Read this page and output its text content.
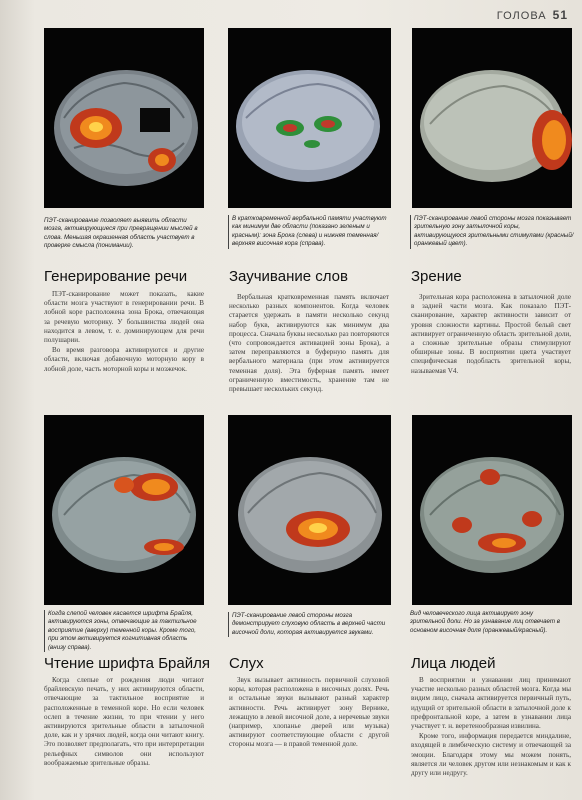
ГОЛОВА 51
ПЭТ-сканирование позволяет выявить области мозга, активирующиеся при превращении мыслей в слова. Меньшая окрашенная область участвует в проверке смысла (понимании).
В кратковременной вербальной памяти участвуют как минимум две области (показано зеленым и красным): зона Брока (слева) и нижняя теменная/верхняя височная кора (справа).
ПЭТ-сканирование левой стороны мозга показывает зрительную зону затылочной коры, активирующуюся зрительными стимулами (красный/оранжевый цвет).
Генерирование речи	Заучивание слов	Зрение

ПЭТ-сканирование может показать, какие области мозга участвуют в генерировании речи. В лобной коре расположена зона Брока, отвечающая за речевую моторику. У большинства людей она находится в левом, т. е. доминирующем для речи полушарии.

Во время разговора активируются и другие области, включая добавочную моторную кору в лобной доле, часть моторной коры и мозжечок.

Вербальная кратковременная память включает несколько разных компонентов. Когда человек старается удержать в памяти несколько секунд набор букв, активируются как минимум два процесса. Сначала буквы несколько раз повторяются (что сопровождается активацией зоны Брока), а затем переправляются в буферную память для вербального материала (при этом активируется теменная доля). Эта буферная память имеет ограниченную вместимость, хранение там не превышает нескольких секунд.

Зрительная кора расположена в затылочной доле в задней части мозга. Как показало ПЭТ-сканирование, характер активности зависит от уровня сложности картины. Простой белый свет активирует ограниченную область зрительной доли, а сложные зрительные образы стимулируют обширные зоны. В восприятии цвета участвует специфическая подобласть зрительной коры, называемая V4.

Когда слепой человек касается шрифта Брайля, активируются зоны, отвечающие за тактильное восприятие (вверху) теменной коры. Кроме того, при этом активируется когнитивная область (внизу справа).
ПЭТ-сканирование левой стороны мозга демонстрирует слуховую область в верхней части височной доли, которая активируется звуками.
Вид человеческого лица активирует зону зрительной доли. Но за узнавание лиц отвечает в основном височная доля (оранжевый/красный).
Чтение шрифта Брайля Слух	Лица людей

Когда слепые от рождения люди читают брайлевскую печать, у них активируются области, отвечающие за тактильное восприятие и расположенные в теменной коре. Но если человек ослеп в течение жизни, то при чтении у него активируются зрительные области в затылочной доле, как и у зрячих людей, когда они читают книгу. Это позволяет предполагать, что при интерпретации рельефных символов они используют воображаемые зрительные образы.

Звук вызывает активность первичной слуховой коры, которая расположена в височных долях. Речь и остальные звуки вызывают разный характер активности. Речь активирует зону Вернике, лежащую в левой височной доле, а неречевые звуки (например, хлопанье дверей или музыка) активируют соответствующие области с другой стороны мозга — в правой теменной доле.

В восприятии и узнавании лиц принимают участие несколько разных областей мозга. Когда мы видим лицо, сначала активируется первичный путь, идущий от зрительной области в затылочной доле к префронтальной коре, а затем в узнавании лица участвует т. н. веретенообразная извилина.

Кроме того, информация передается миндалине, входящей в лимбическую систему и отвечающей за эмоции. Благодаря этому мы можем понять, является ли человек другом или незнакомым и как к другу или недругу.
